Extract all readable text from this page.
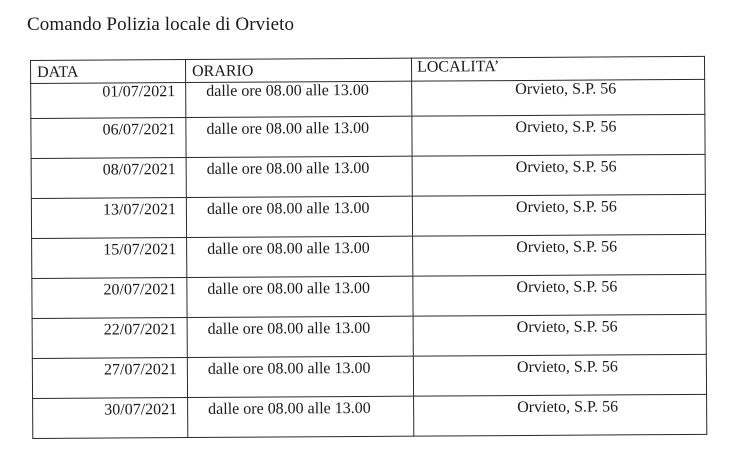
Comando Polizia locale di Orvieto
DATA	ORARIO	LOCALITA’

01/07/2021	dalle ore 08.00 alle 13.00	Orvieto, S.P. 56

06/07/2021	dalle ore 08.00 alle 13.00	Orvieto, S.P. 56

08/07/2021	dalle ore 08.00 alle 13.00	Orvieto, S.P. 56

13/07/2021	dalle ore 08.00 alle 13.00	Orvieto, S.P. 56

15/07/2021	dalle ore 08.00 alle 13.00	Orvieto, S.P. 56

20/07/2021	dalle ore 08.00 alle 13.00	Orvieto, S.P. 56

22/07/2021	dalle ore 08.00 alle 13.00	Orvieto, S.P. 56

27/07/2021	dalle ore 08.00 alle 13.00	Orvieto, S.P. 56

30/07/2021	dalle ore 08.00 alle 13.00	Orvieto, S.P. 56
